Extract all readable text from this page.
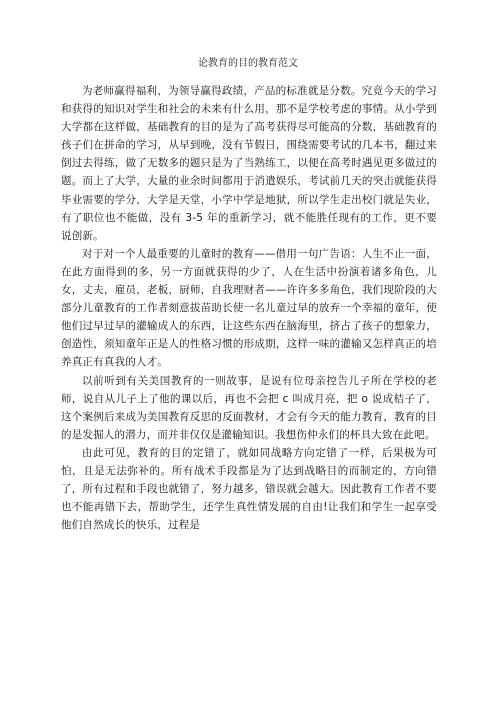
论教育的目的教育范文

为老师赢得福利，为领导赢得政绩，产品的标准就是分数。究竟今天的学习和获得的知识对学生和社会的未来有什么用，那不是学校考虑的事情。从小学到大学都在这样做，基础教育的目的是为了高考获得尽可能高的分数，基础教育的孩子们在拼命的学习，从早到晚，没有节假日，围绕需要考试的几本书，翻过来倒过去得练，做了无数多的题只是为了当熟练工，以便在高考时遇见更多做过的题。而上了大学，大量的业余时间都用于消遣娱乐，考试前几天的突击就能获得毕业需要的学分，大学是天堂，小学中学是地狱，所以学生走出校门就是失业，有了职位也不能做，没有 3-5 年的重新学习，就不能胜任现有的工作，更不要说创新。

对于对一个人最重要的儿童时的教育——借用一句广告语：人生不止一面，在此方面得到的多，另一方面就获得的少了，人在生活中扮演着诸多角色，儿女，丈夫，雇员，老板，厨师，自我理财者——许许多多角色，我们现阶段的大部分儿童教育的工作者刻意拔苗助长使一名儿童过早的放弃一个幸福的童年，使他们过早过早的灌输成人的东西，让这些东西在脑海里，挤占了孩子的想象力，创造性，须知童年正是人的性格习惯的形成期，这样一味的灌输又怎样真正的培养真正有真我的人才。

以前听到有关美国教育的一则故事，是说有位母亲控告儿子所在学校的老师，说自从儿子上了他的课以后，再也不会把 c 叫成月亮，把 o 说成桔子了，这个案例后来成为美国教育反思的反面教材，才会有今天的能力教育，教育的目的是发掘人的潜力，而并非仅仅是灌输知识。我想伤仲永们的杯具大致在此吧。

由此可见，教育的目的定错了，就如同战略方向定错了一样，后果极为可怕，且是无法弥补的。所有战术手段都是为了达到战略目的而制定的，方向错了，所有过程和手段也就错了，努力越多，错误就会越大。因此教育工作者不要也不能再错下去，帮助学生，还学生真性情发展的自由!让我们和学生一起享受他们自然成长的快乐，过程是
